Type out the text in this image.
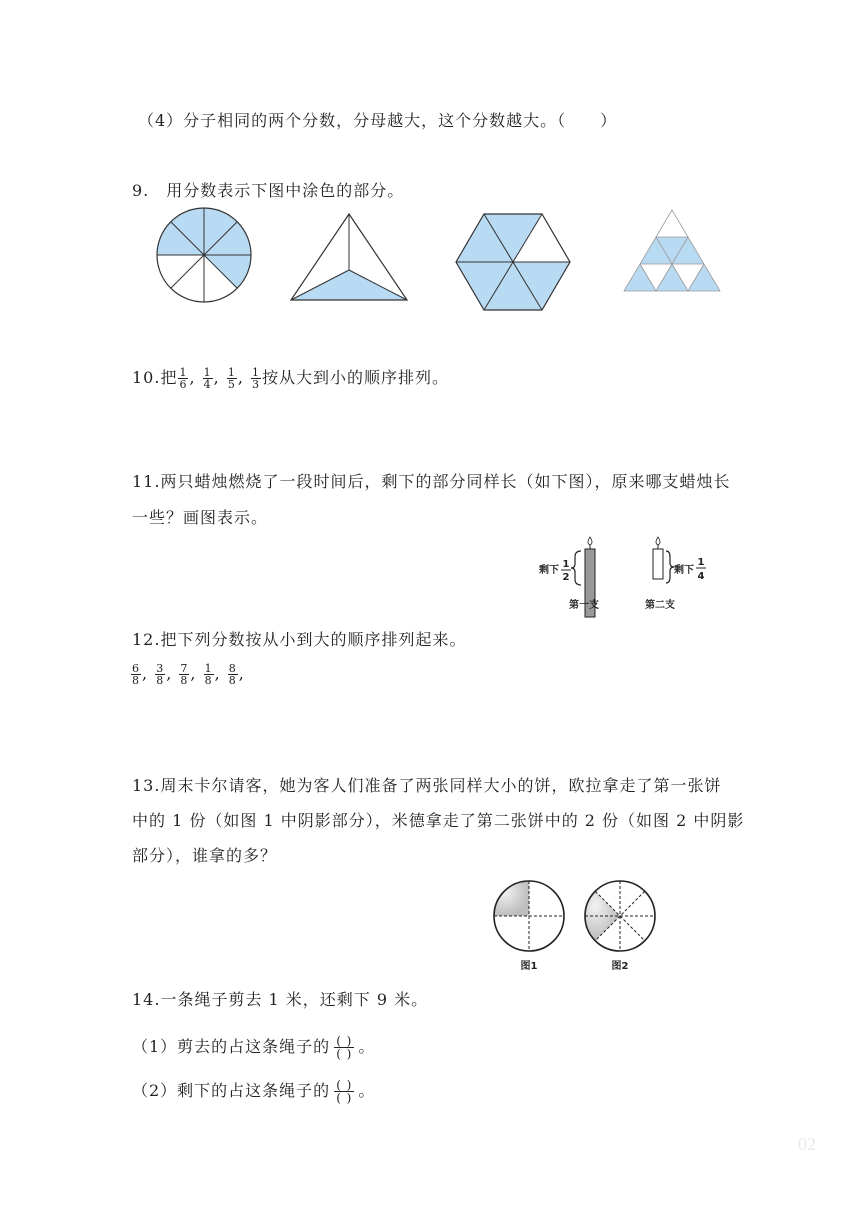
（4）分子相同的两个分数，分母越大，这个分数越大。（　　）
9.　用分数表示下图中涂色的部分。
10.把 $\frac{1}{6}$ , $\frac{1}{4}$ , $\frac{1}{5}$ , $\frac{1}{3}$ 按从大到小的顺序排列。
11.两只蜡烛燃烧了一段时间后，剩下的部分同样长（如下图），原来哪支蜡烛长
一些？画图表示。
剩下
1
2
剩下
1
4
第一支	第二支
12.把下列分数按从小到大的顺序排列起来。
$\frac{6}{8}$ , $\frac{3}{8}$ , $\frac{7}{8}$ , $\frac{1}{8}$ , $\frac{8}{8}$ ,
13.周末卡尔请客，她为客人们准备了两张同样大小的饼，欧拉拿走了第一张饼
中的 1 份（如图 1 中阴影部分），米德拿走了第二张饼中的 2 份（如图 2 中阴影
部分），谁拿的多？
图1	图2
14.一条绳子剪去 1 米，还剩下 9 米。
（1）剪去的占这条绳子的 $\frac{( )}{( )}$ 。
（2）剩下的占这条绳子的 $\frac{( )}{( )}$ 。
02
